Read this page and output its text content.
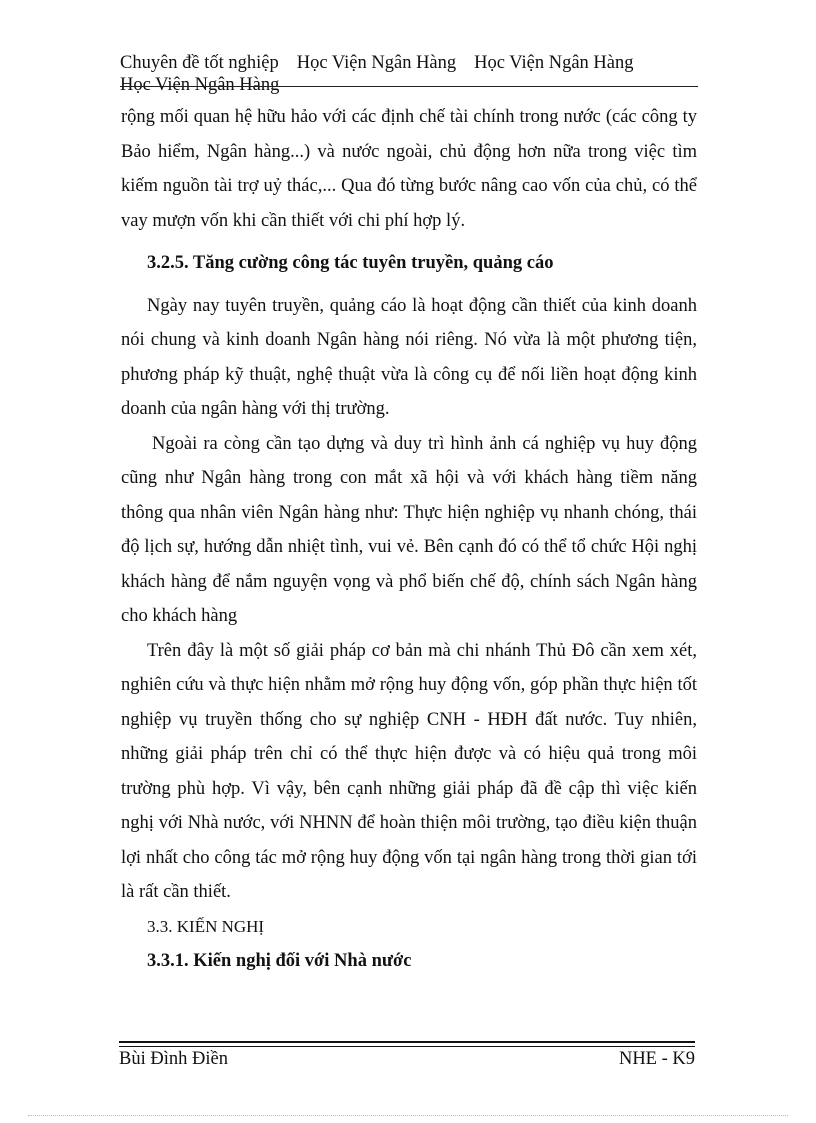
Chuyên đề tốt nghiệp Học Viện Ngân Hàng Học Viện Ngân Hàng
Học Viện Ngân Hàng

rộng mối quan hệ hữu hảo với các định chế tài chính trong nước (các công ty Bảo hiểm, Ngân hàng...) và nước ngoài, chủ động hơn nữa trong việc tìm kiếm nguồn tài trợ uỷ thác,... Qua đó từng bước nâng cao vốn của chủ, có thể vay mượn vốn khi cần thiết với chi phí hợp lý.

3.2.5. Tăng cường công tác tuyên truyền, quảng cáo

Ngày nay tuyên truyền, quảng cáo là hoạt động cần thiết của kinh doanh nói chung và kinh doanh Ngân hàng nói riêng. Nó vừa là một phương tiện, phương pháp kỹ thuật, nghệ thuật vừa là công cụ để nối liền hoạt động kinh doanh của ngân hàng với thị trường.

Ngoài ra còng cần tạo dựng và duy trì hình ảnh cá nghiệp vụ huy động cũng như Ngân hàng trong con mắt xã hội và với khách hàng tiềm năng thông qua nhân viên Ngân hàng như: Thực hiện nghiệp vụ nhanh chóng, thái độ lịch sự, hướng dẫn nhiệt tình, vui vẻ. Bên cạnh đó có thể tổ chức Hội nghị khách hàng để nắm nguyện vọng và phổ biến chế độ, chính sách Ngân hàng cho khách hàng

Trên đây là một số giải pháp cơ bản mà chi nhánh Thủ Đô cần xem xét, nghiên cứu và thực hiện nhằm mở rộng huy động vốn, góp phần thực hiện tốt nghiệp vụ truyền thống cho sự nghiệp CNH - HĐH đất nước. Tuy nhiên, những giải pháp trên chỉ có thể thực hiện được và có hiệu quả trong môi trường phù hợp. Vì vậy, bên cạnh những giải pháp đã đề cập thì việc kiến nghị với Nhà nước, với NHNN để hoàn thiện môi trường, tạo điều kiện thuận lợi nhất cho công tác mở rộng huy động vốn tại ngân hàng trong thời gian tới là rất cần thiết.

3.3. KIẾN NGHỊ

3.3.1. Kiến nghị đối với Nhà nước

Bùi Đình Điền	NHE - K9
